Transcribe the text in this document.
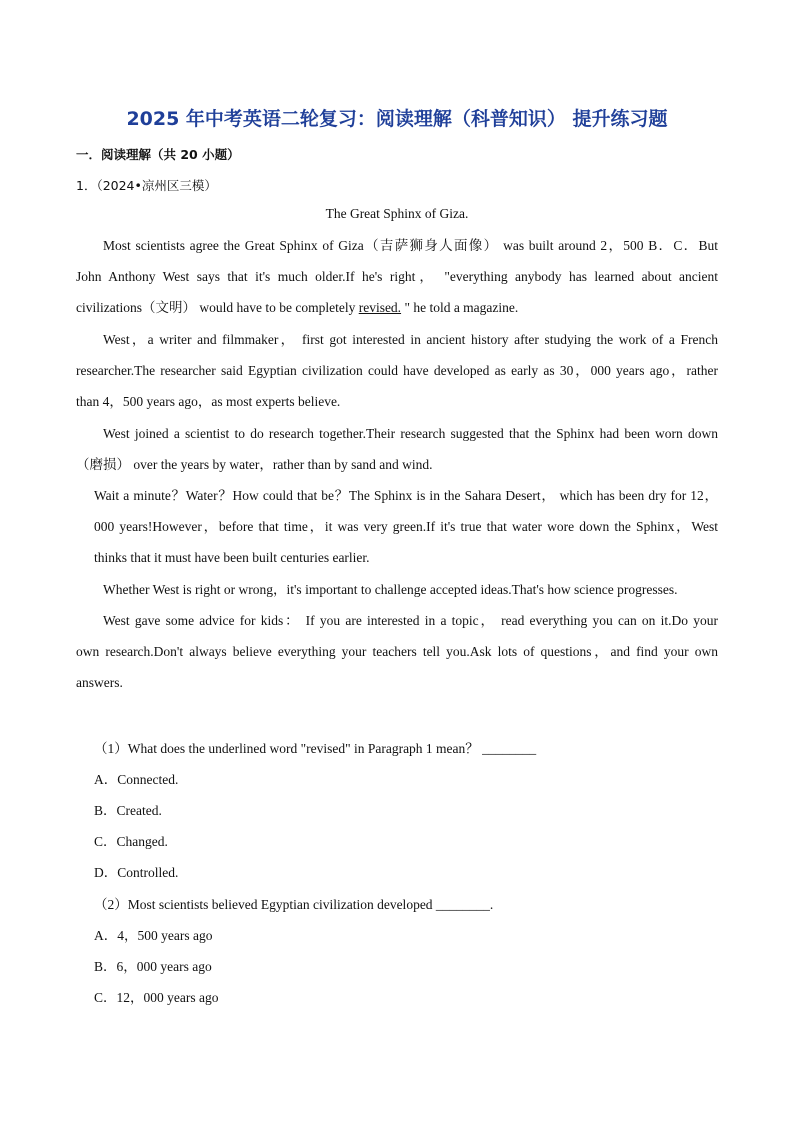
2025 年中考英语二轮复习：阅读理解（科普知识） 提升练习题
一．阅读理解（共 20 小题）
1．（2024•凉州区三模）
The Great Sphinx of Giza.
Most scientists agree the Great Sphinx of Giza（吉萨狮身人面像） was built around 2，500 B．C．But
John Anthony West says that it's much older.If he's right， "everything anybody has learned about ancient
civilizations（文明） would have to be completely revised. " he told a magazine.
West，a writer and filmmaker， first got interested in ancient history after studying the work of a French
researcher.The researcher said Egyptian civilization could have developed as early as 30，000 years ago，rather
than 4，500 years ago，as most experts believe.
West joined a scientist to do research together.Their research suggested that the Sphinx had been worn down
（磨损） over the years by water，rather than by sand and wind.
Wait a minute？Water？How could that be？The Sphinx is in the Sahara Desert， which has been dry for 12，
000 years!However，before that time，it was very green.If it's true that water wore down the Sphinx，West
thinks that it must have been built centuries earlier.
Whether West is right or wrong，it's important to challenge accepted ideas.That's how science progresses.
West gave some advice for kids： If you are interested in a topic， read everything you can on it.Do your
own research.Don't always believe everything your teachers tell you.Ask lots of questions，and find your own
answers.
（1）What does the underlined word "revised" in Paragraph 1 mean？ ________
A．Connected.
B．Created.
C．Changed.
D．Controlled.
（2）Most scientists believed Egyptian civilization developed ________.
A．4，500 years ago
B．6，000 years ago
C．12，000 years ago
